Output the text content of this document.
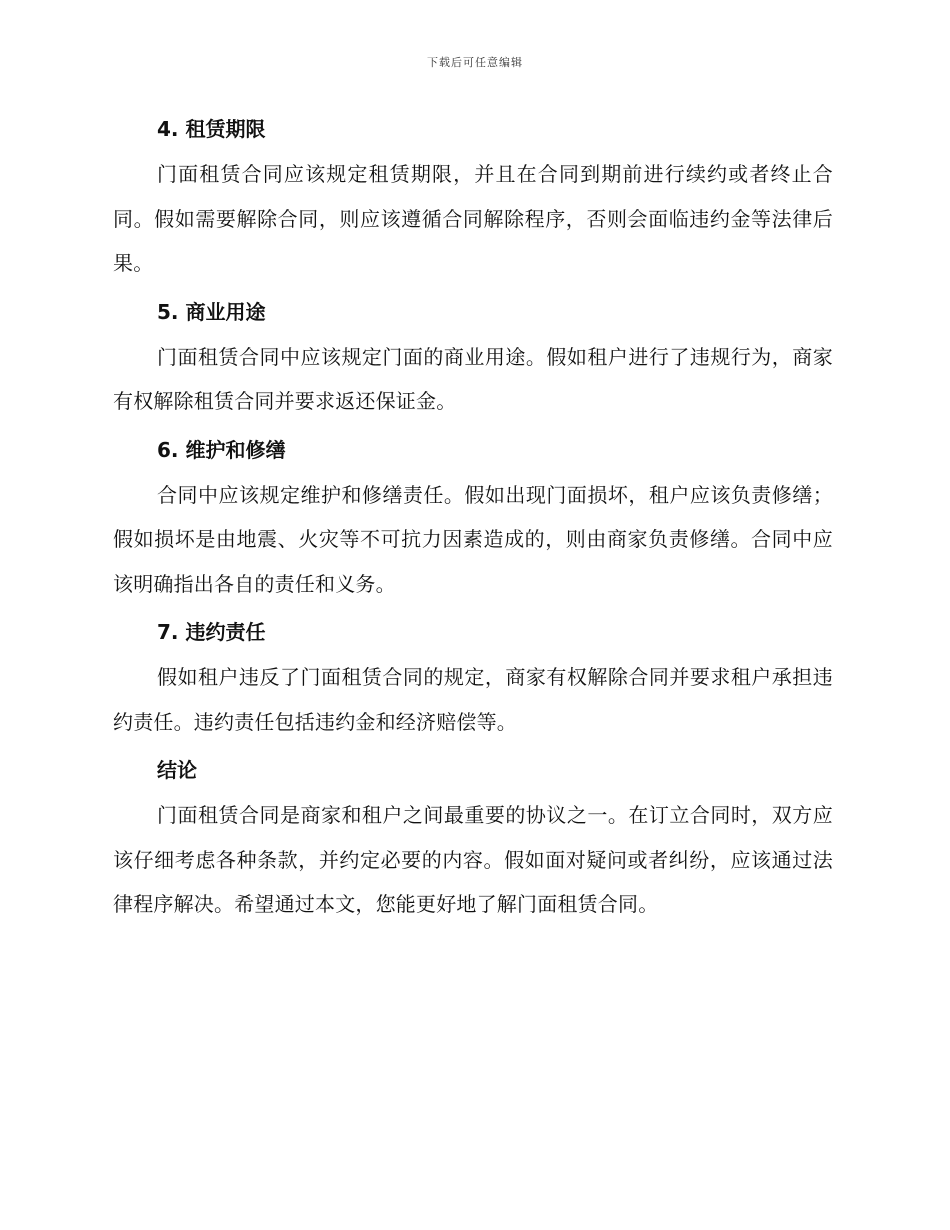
下载后可任意编辑
4. 租赁期限

门面租赁合同应该规定租赁期限，并且在合同到期前进行续约或者终止合同。假如需要解除合同，则应该遵循合同解除程序，否则会面临违约金等法律后果。

5. 商业用途

门面租赁合同中应该规定门面的商业用途。假如租户进行了违规行为，商家有权解除租赁合同并要求返还保证金。

6. 维护和修缮

合同中应该规定维护和修缮责任。假如出现门面损坏，租户应该负责修缮；假如损坏是由地震、火灾等不可抗力因素造成的，则由商家负责修缮。合同中应该明确指出各自的责任和义务。

7. 违约责任

假如租户违反了门面租赁合同的规定，商家有权解除合同并要求租户承担违约责任。违约责任包括违约金和经济赔偿等。

结论

门面租赁合同是商家和租户之间最重要的协议之一。在订立合同时，双方应该仔细考虑各种条款，并约定必要的内容。假如面对疑问或者纠纷，应该通过法律程序解决。希望通过本文，您能更好地了解门面租赁合同。
